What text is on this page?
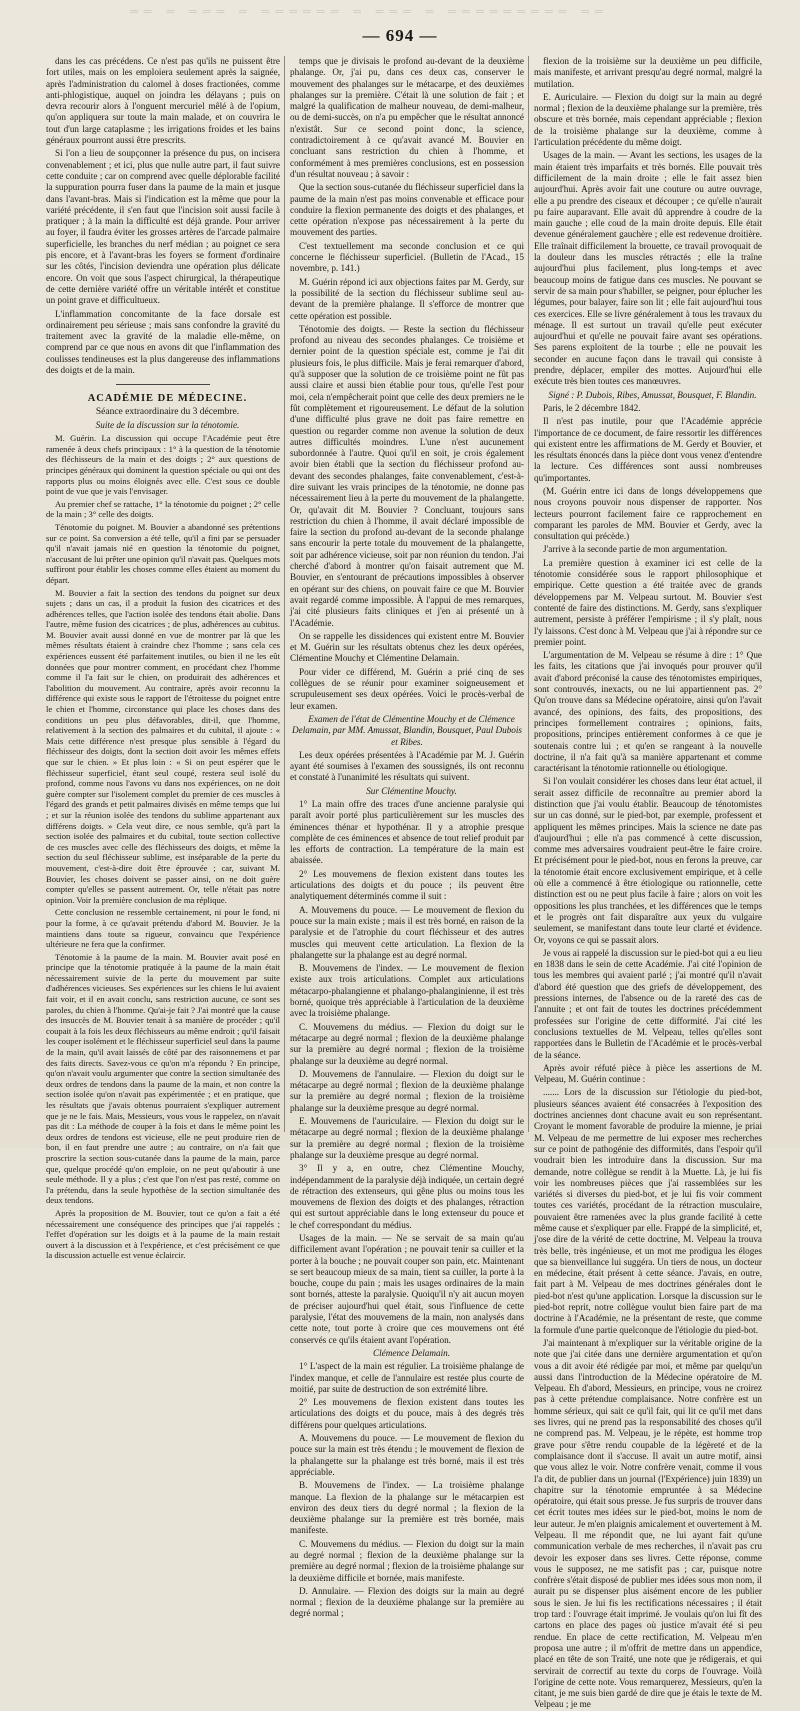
══ ═ ═══ ═ ══════ ═ ═══ ═ ═════════ ══
— 694 —

dans les cas précédens. Ce n'est pas qu'ils ne puissent être fort utiles, mais on les emploiera seulement après la saignée, après l'administration du calomel à doses fractionées, comme anti-phlogistique, auquel on joindra les délayans ; puis on devra recourir alors à l'onguent mercuriel mêlé à de l'opium, qu'on appliquera sur toute la main malade, et on couvrira le tout d'un large cataplasme ; les irrigations froides et les bains généraux pourront aussi être prescrits.

Si l'on a lieu de soupçonner la présence du pus, on incisera convenablement ; et ici, plus que nulle autre part, il faut suivre cette conduite ; car on comprend avec quelle déplorable facilité la suppuration pourra fuser dans la paume de la main et jusque dans l'avant-bras. Mais si l'indication est la même que pour la variété précédente, il s'en faut que l'incision soit aussi facile à pratiquer ; à la main la difficulté est déjà grande. Pour arriver au foyer, il faudra éviter les grosses artères de l'arcade palmaire superficielle, les branches du nerf médian ; au poignet ce sera pis encore, et à l'avant-bras les foyers se forment d'ordinaire sur les côtés, l'incision deviendra une opération plus délicate encore. On voit que sous l'aspect chirurgical, la thérapeutique de cette dernière variété offre un véritable intérêt et constitue un point grave et difficultueux.

L'inflammation concomitante de la face dorsale est ordinairement peu sérieuse ; mais sans confondre la gravité du traitement avec la gravité de la maladie elle-même, on comprend par ce que nous en avons dit que l'inflammation des coulisses tendineuses est la plus dangereuse des inflammations des doigts et de la main.

ACADÉMIE DE MÉDECINE.

Séance extraordinaire du 3 décembre.

Suite de la discussion sur la ténotomie.

M. Guérin. La discussion qui occupe l'Académie peut être ramenée à deux chefs principaux : 1° à la question de la ténotomie des fléchisseurs de la main et des doigts ; 2° aux questions de principes généraux qui dominent la question spéciale ou qui ont des rapports plus ou moins éloignés avec elle. C'est sous ce double point de vue que je vais l'envisager.

Au premier chef se rattache, 1° la ténotomie du poignet ; 2° celle de la main ; 3° celle des doigts.

Ténotomie du poignet. M. Bouvier a abandonné ses prétentions sur ce point. Sa conversion a été telle, qu'il a fini par se persuader qu'il n'avait jamais nié en question la ténotomie du poignet, n'accusant de lui prêter une opinion qu'il n'avait pas. Quelques mots suffiront pour établir les choses comme elles étaient au moment du départ.

M. Bouvier a fait la section des tendons du poignet sur deux sujets ; dans un cas, il a produit la fusion des cicatrices et des adhérences telles, que l'action isolée des tendons était abolie. Dans l'autre, même fusion des cicatrices ; de plus, adhérences au cubitus. M. Bouvier avait aussi donné en vue de montrer par là que les mêmes résultats étaient à craindre chez l'homme ; sans cela ces expériences eussent été parfaitement inutiles, ou bien il ne les eût données que pour montrer comment, en procédant chez l'homme comme il l'a fait sur le chien, on produirait des adhérences et l'abolition du mouvement. Au contraire, après avoir reconnu la différence qui existe sous le rapport de l'étroitesse du poignet entre le chien et l'homme, circonstance qui place les choses dans des conditions un peu plus défavorables, dit-il, que l'homme, relativement à la section des palmaires et du cubital, il ajoute : « Mais cette différence n'est presque plus sensible à l'égard du fléchisseur des doigts, dont la section doit avoir les mêmes effets que sur le chien. » Et plus loin : « Si on peut espérer que le fléchisseur superficiel, étant seul coupé, restera seul isolé du profond, comme nous l'avons vu dans nos expériences, on ne doit guère compter sur l'isolement complet du premier de ces muscles à l'égard des grands et petit palmaires divisés en même temps que lui ; et sur la réunion isolée des tendons du sublime appartenant aux différens doigts. » Cela veut dire, ce nous semble, qu'à part la section isolée des palmaires et du cubital, toute section collective de ces muscles avec celle des fléchisseurs des doigts, et même la section du seul fléchisseur sublime, est inséparable de la perte du mouvement, c'est-à-dire doit être éprouvée ; car, suivant M. Bouvier, les choses doivent se passer ainsi, on ne doit guère compter qu'elles se passent autrement. Or, telle n'était pas notre opinion. Voir la première conclusion de ma réplique.

Cette conclusion ne ressemble certainement, ni pour le fond, ni pour la forme, à ce qu'avait prétendu d'abord M. Bouvier. Je la maintiens dans toute sa rigueur, convaincu que l'expérience ultérieure ne fera que la confirmer.

Ténotomie à la paume de la main. M. Bouvier avait posé en principe que la ténotomie pratiquée à la paume de la main était nécessairement suivie de la perte du mouvement par suite d'adhérences vicieuses. Ses expériences sur les chiens le lui avaient fait voir, et il en avait conclu, sans restriction aucune, ce sont ses paroles, du chien à l'homme. Qu'ai-je fait ? J'ai montré que la cause des insuccès de M. Bouvier tenait à sa manière de procéder ; qu'il coupait à la fois les deux fléchisseurs au même endroit ; qu'il faisait les couper isolément et le fléchisseur superficiel seul dans la paume de la main, qu'il avait laissés de côté par des raisonnemens et par des faits directs. Savez-vous ce qu'on m'a répondu ? En principe, qu'on n'avait voulu argumenter que contre la section simultanée des deux ordres de tendons dans la paume de la main, et non contre la section isolée qu'on n'avait pas expérimentée ; et en pratique, que les résultats que j'avais obtenus pourraient s'expliquer autrement que je ne le fais. Mais, Messieurs, vous vous le rappelez, on n'avait pas dit : La méthode de couper à la fois et dans le même point les deux ordres de tendons est vicieuse, elle ne peut produire rien de bon, il en faut prendre une autre ; au contraire, on n'a fait que proscrire la section sous-cutanée dans la paume de la main, parce que, quelque procédé qu'on emploie, on ne peut qu'aboutir à une seule méthode. Il y a plus ; c'est que l'on n'est pas resté, comme on l'a prétendu, dans la seule hypothèse de la section simultanée des deux tendons.

Après la proposition de M. Bouvier, tout ce qu'on a fait a été nécessairement une conséquence des principes que j'ai rappelés ; l'effet d'opération sur les doigts et à la paume de la main restait ouvert à la discussion et à l'expérience, et c'est précisément ce que la discussion actuelle est venue éclaircir.

temps que je divisais le profond au-devant de la deuxième phalange. Or, j'ai pu, dans ces deux cas, conserver le mouvement des phalanges sur le métacarpe, et des deuxièmes phalanges sur la première. C'était là une solution de fait ; et malgré la qualification de malheur nouveau, de demi-malheur, ou de demi-succès, on n'a pu empêcher que le résultat annoncé n'existât. Sur ce second point donc, la science, contradictoirement à ce qu'avait avancé M. Bouvier en concluant sans restriction du chien à l'homme, et conformément à mes premières conclusions, est en possession d'un résultat nouveau ; à savoir :

Que la section sous-cutanée du fléchisseur superficiel dans la paume de la main n'est pas moins convenable et efficace pour conduire la flexion permanente des doigts et des phalanges, et cette opération n'expose pas nécessairement à la perte du mouvement des parties.

C'est textuellement ma seconde conclusion et ce qui concerne le fléchisseur superficiel. (Bulletin de l'Acad., 15 novembre, p. 141.)

M. Guérin répond ici aux objections faites par M. Gerdy, sur la possibilité de la section du fléchisseur sublime seul au-devant de la première phalange. Il s'efforce de montrer que cette opération est possible.

Ténotomie des doigts. — Reste la section du fléchisseur profond au niveau des secondes phalanges. Ce troisième et dernier point de la question spéciale est, comme je l'ai dit plusieurs fois, le plus difficile. Mais je ferai remarquer d'abord, qu'à supposer que la solution de ce troisième point ne fût pas aussi claire et aussi bien établie pour tous, qu'elle l'est pour moi, cela n'empêcherait point que celle des deux premiers ne le fût complètement et rigoureusement. Le défaut de la solution d'une difficulté plus grave ne doit pas faire remettre en question ou regarder comme non avenue la solution de deux autres difficultés moindres. L'une n'est aucunement subordonnée à l'autre. Quoi qu'il en soit, je crois également avoir bien établi que la section du fléchisseur profond au-devant des secondes phalanges, faite convenablement, c'est-à-dire suivant les vrais principes de la ténotomie, ne donne pas nécessairement lieu à la perte du mouvement de la phalangette. Or, qu'avait dit M. Bouvier ? Concluant, toujours sans restriction du chien à l'homme, il avait déclaré impossible de faire la section du profond au-devant de la seconde phalange sans encourir la perte totale du mouvement de la phalangette, soit par adhérence vicieuse, soit par non réunion du tendon. J'ai cherché d'abord à montrer qu'on faisait autrement que M. Bouvier, en s'entourant de précautions impossibles à observer en opérant sur des chiens, on pouvait faire ce que M. Bouvier avait regardé comme impossible. À l'appui de mes remarques, j'ai cité plusieurs faits cliniques et j'en ai présenté un à l'Académie.

On se rappelle les dissidences qui existent entre M. Bouvier et M. Guérin sur les résultats obtenus chez les deux opérées, Clémentine Mouchy et Clémentine Delamain.

Pour vider ce différend, M. Guérin a prié cinq de ses collègues de se réunir pour examiner soigneusement et scrupuleusement ses deux opérées. Voici le procès-verbal de leur examen.

Examen de l'état de Clémentine Mouchy et de Clémence Delamain, par MM. Amussat, Blandin, Bousquet, Paul Dubois et Ribes.

Les deux opérées présentées à l'Académie par M. J. Guérin ayant été soumises à l'examen des soussignés, ils ont reconnu et constaté à l'unanimité les résultats qui suivent.

Sur Clémentine Mouchy.

1° La main offre des traces d'une ancienne paralysie qui paraît avoir porté plus particulièrement sur les muscles des éminences thénar et hypothénar. Il y a atrophie presque complète de ces éminences et absence de tout relief produit par les efforts de contraction. La température de la main est abaissée.

2° Les mouvemens de flexion existent dans toutes les articulations des doigts et du pouce ; ils peuvent être analytiquement déterminés comme il suit :

A. Mouvemens du pouce. — Le mouvement de flexion du pouce sur la main existe ; mais il est très borné, en raison de la paralysie et de l'atrophie du court fléchisseur et des autres muscles qui meuvent cette articulation. La flexion de la phalangette sur la phalange est au degré normal.

B. Mouvemens de l'index. — Le mouvement de flexion existe aux trois articulations. Complet aux articulations métacarpo-phalangienne et phalango-phalanginienne, il est très borné, quoique très appréciable à l'articulation de la deuxième avec la troisième phalange.

C. Mouvemens du médius. — Flexion du doigt sur le métacarpe au degré normal ; flexion de la deuxième phalange sur la première au degré normal ; flexion de la troisième phalange sur la deuxième au degré normal.

D. Mouvemens de l'annulaire. — Flexion du doigt sur le métacarpe au degré normal ; flexion de la deuxième phalange sur la première au degré normal ; flexion de la troisième phalange sur la deuxième presque au degré normal.

E. Mouvemens de l'auriculaire. — Flexion du doigt sur le métacarpe au degré normal ; flexion de la deuxième phalange sur la première au degré normal ; flexion de la troisième phalange sur la deuxième presque au degré normal.

3° Il y a, en outre, chez Clémentine Mouchy, indépendamment de la paralysie déjà indiquée, un certain degré de rétraction des extenseurs, qui gêne plus ou moins tous les mouvemens de flexion des doigts et des phalanges, rétraction qui est surtout appréciable dans le long extenseur du pouce et le chef correspondant du médius.

Usages de la main. — Ne se servait de sa main qu'au difficilement avant l'opération ; ne pouvait tenir sa cuiller et la porter à la bouche ; ne pouvait couper son pain, etc. Maintenant se sert beaucoup mieux de sa main, tient sa cuiller, la porte à la bouche, coupe du pain ; mais les usages ordinaires de la main sont bornés, atteste la paralysie. Quoiqu'il n'y ait aucun moyen de préciser aujourd'hui quel était, sous l'influence de cette paralysie, l'état des mouvemens de la main, non analysés dans cette note, tout porte à croire que ces mouvemens ont été conservés ce qu'ils étaient avant l'opération.

Clémence Delamain.

1° L'aspect de la main est régulier. La troisième phalange de l'index manque, et celle de l'annulaire est restée plus courte de moitié, par suite de destruction de son extrémité libre.

2° Les mouvemens de flexion existent dans toutes les articulations des doigts et du pouce, mais à des degrés très différens pour quelques articulations.

A. Mouvemens du pouce. — Le mouvement de flexion du pouce sur la main est très étendu ; le mouvement de flexion de la phalangette sur la phalange est très borné, mais il est très appréciable.

B. Mouvemens de l'index. — La troisième phalange manque. La flexion de la phalange sur le métacarpien est environ des deux tiers du degré normal ; la flexion de la deuxième phalange sur la première est très bornée, mais manifeste.

C. Mouvemens du médius. — Flexion du doigt sur la main au degré normal ; flexion de la deuxième phalange sur la première au degré normal ; flexion de la troisième phalange sur la deuxième difficile et bornée, mais manifeste.

D. Annulaire. — Flexion des doigts sur la main au degré normal ; flexion de la deuxième phalange sur la première au degré normal ;

flexion de la troisième sur la deuxième un peu difficile, mais manifeste, et arrivant presqu'au degré normal, malgré la mutilation.

E. Auriculaire. — Flexion du doigt sur la main au degré normal ; flexion de la deuxième phalange sur la première, très obscure et très bornée, mais cependant appréciable ; flexion de la troisième phalange sur la deuxième, comme à l'articulation précédente du même doigt.

Usages de la main. — Avant les sections, les usages de la main étaient très imparfaits et très bornés. Elle pouvait très difficilement de la main droite ; elle le fait assez bien aujourd'hui. Après avoir fait une couture ou autre ouvrage, elle a pu prendre des ciseaux et découper ; ce qu'elle n'aurait pu faire auparavant. Elle avait dû apprendre à coudre de la main gauche ; elle coud de la main droite depuis. Elle était devenue généralement gauchère ; elle est redevenue droitière. Elle traînait difficilement la brouette, ce travail provoquait de la douleur dans les muscles rétractés ; elle la traîne aujourd'hui plus facilement, plus long-temps et avec beaucoup moins de fatigue dans ces muscles. Ne pouvant se servir de sa main pour s'habiller, se peigner, pour éplucher les légumes, pour balayer, faire son lit ; elle fait aujourd'hui tous ces exercices. Elle se livre généralement à tous les travaux du ménage. Il est surtout un travail qu'elle peut exécuter aujourd'hui et qu'elle ne pouvait faire avant ses opérations. Ses parens exploitent de la tourbe ; elle ne pouvait les seconder en aucune façon dans le travail qui consiste à prendre, déplacer, empiler des mottes. Aujourd'hui elle exécute très bien toutes ces manœuvres.

Signé : P. Dubois, Ribes, Amussat, Bousquet, F. Blandin.

Paris, le 2 décembre 1842.

Il n'est pas inutile, pour que l'Académie apprécie l'importance de ce document, de faire ressortir les différences qui existent entre les affirmations de M. Gerdy et Bouvier, et les résultats énoncés dans la pièce dont vous venez d'entendre la lecture. Ces différences sont aussi nombreuses qu'importantes.

(M. Guérin entre ici dans de longs développemens que nous croyons pouvoir nous dispenser de rapporter. Nos lecteurs pourront facilement faire ce rapprochement en comparant les paroles de MM. Bouvier et Gerdy, avec la consultation qui précède.)

J'arrive à la seconde partie de mon argumentation.

La première question à examiner ici est celle de la ténotomie considérée sous le rapport philosophique et empirique. Cette question a été traitée avec de grands développemens par M. Velpeau surtout. M. Bouvier s'est contenté de faire des distinctions. M. Gerdy, sans s'expliquer autrement, persiste à préférer l'empirisme ; il s'y plaît, nous l'y laissons. C'est donc à M. Velpeau que j'ai à répondre sur ce premier point.

L'argumentation de M. Velpeau se résume à dire : 1° Que les faits, les citations que j'ai invoqués pour prouver qu'il avait d'abord préconisé la cause des ténotomistes empiriques, sont controuvés, inexacts, ou ne lui appartiennent pas. 2° Qu'on trouve dans sa Médecine opératoire, ainsi qu'on l'avait avancé, des opinions, des faits, des propositions, des principes formellement contraires ; opinions, faits, propositions, principes entièrement conformes à ce que je soutenais contre lui ; et qu'en se rangeant à la nouvelle doctrine, il n'a fait qu'à sa manière appartenant et comme caractérisant la ténotomie rationnelle ou étiologique.

Si l'on voulait considérer les choses dans leur état actuel, il serait assez difficile de reconnaître au premier abord la distinction que j'ai voulu établir. Beaucoup de ténotomistes sur un cas donné, sur le pied-bot, par exemple, professent et appliquent les mêmes principes. Mais la science ne date pas d'aujourd'hui ; elle n'a pas commencé à cette discussion, comme mes adversaires voudraient peut-être le faire croire. Et précisément pour le pied-bot, nous en ferons la preuve, car la ténotomie était encore exclusivement empirique, et à celle où elle a commencé à être étiologique ou rationnelle, cette distinction est ou ne peut plus facile à faire ; alors on voit les oppositions les plus tranchées, et les différences que le temps et le progrès ont fait disparaître aux yeux du vulgaire seulement, se manifestant dans toute leur clarté et évidence. Or, voyons ce qui se passait alors.

Je vous ai rappelé la discussion sur le pied-bot qui a eu lieu en 1838 dans le sein de cette Académie. J'ai cité l'opinion de tous les membres qui avaient parlé ; j'ai montré qu'il n'avait d'abord été question que des griefs de développement, des pressions internes, de l'absence ou de la rareté des cas de l'annuite ; et ont fait de toutes les doctrines précédemment professées sur l'origine de cette difformité. J'ai cité les conclusions textuelles de M. Velpeau, telles qu'elles sont rapportées dans le Bulletin de l'Académie et le procès-verbal de la séance.

Après avoir réfuté pièce à pièce les assertions de M. Velpeau, M. Guérin continue :

....... Lors de la discussion sur l'étiologie du pied-bot, plusieurs séances avaient été consacrées à l'exposition des doctrines anciennes dont chacune avait eu son représentant. Croyant le moment favorable de produire la mienne, je priai M. Velpeau de me permettre de lui exposer mes recherches sur ce point de pathogénie des difformités, dans l'espoir qu'il voudrait bien les introduire dans la discussion. Sur ma demande, notre collègue se rendit à la Muette. Là, je lui fis voir les nombreuses pièces que j'ai rassemblées sur les variétés si diverses du pied-bot, et je lui fis voir comment toutes ces variétés, procédant de la rétraction musculaire, pouvaient être ramenées avec la plus grande facilité à cette même cause et s'expliquer par elle. Frappé de la simplicité, et, j'ose dire de la vérité de cette doctrine, M. Velpeau la trouva très belle, très ingénieuse, et un mot me prodigua les éloges que sa bienveillance lui suggéra. Un tiers de nous, un docteur en médecine, était présent à cette séance. J'avais, en outre, fait part à M. Velpeau de mes doctrines générales dont le pied-bot n'est qu'une application. Lorsque la discussion sur le pied-bot reprit, notre collègue voulut bien faire part de ma doctrine à l'Académie, ne la présentant de reste, que comme la formule d'une partie quelconque de l'étiologie du pied-bot.

J'ai maintenant à m'expliquer sur la véritable origine de la note que j'ai citée dans une dernière argumentation et qu'on vous a dit avoir été rédigée par moi, et même par quelqu'un aussi dans l'introduction de la Médecine opératoire de M. Velpeau. Eh d'abord, Messieurs, en principe, vous ne croirez pas à cette prétendue complaisance. Notre confrère est un homme sérieux, qui sait ce qu'il fait, qui lit ce qu'il met dans ses livres, qui ne prend pas la responsabilité des choses qu'il ne comprend pas. M. Velpeau, je le répète, est homme trop grave pour s'être rendu coupable de la légèreté et de la complaisance dont il s'accuse. Il avait un autre motif, ainsi que vous allez le voir. Notre confrère venait, comme il vous l'a dit, de publier dans un journal (l'Expérience) juin 1839) un chapitre sur la ténotomie empruntée à sa Médecine opératoire, qui était sous presse. Je fus surpris de trouver dans cet écrit toutes mes idées sur le pied-bot, moins le nom de leur auteur. Je m'en plaignis amicalement et ouvertement à M. Velpeau. Il me répondit que, ne lui ayant fait qu'une communication verbale de mes recherches, il n'avait pas cru devoir les exposer dans ses livres. Cette réponse, comme vous le supposez, ne me satisfit pas ; car, puisque notre confrère s'était disposé de publier mes idées sous mon nom, il aurait pu se dispenser plus aisément encore de les publier sous le sien. Je lui fis les rectifications nécessaires ; il était trop tard : l'ouvrage était imprimé. Je voulais qu'on lui fît des cartons en place des pages où justice m'avait été si peu rendue. En place de cette rectification, M. Velpeau m'en proposa une autre ; il m'offrit de mettre dans un appendice, placé en tête de son Traité, une note que je rédigerais, et qui servirait de correctif au texte du corps de l'ouvrage. Voilà l'origine de cette note. Vous remarquerez, Messieurs, qu'en la citant, je me suis bien gardé de dire que je étais le texte de M. Velpeau ; je me
